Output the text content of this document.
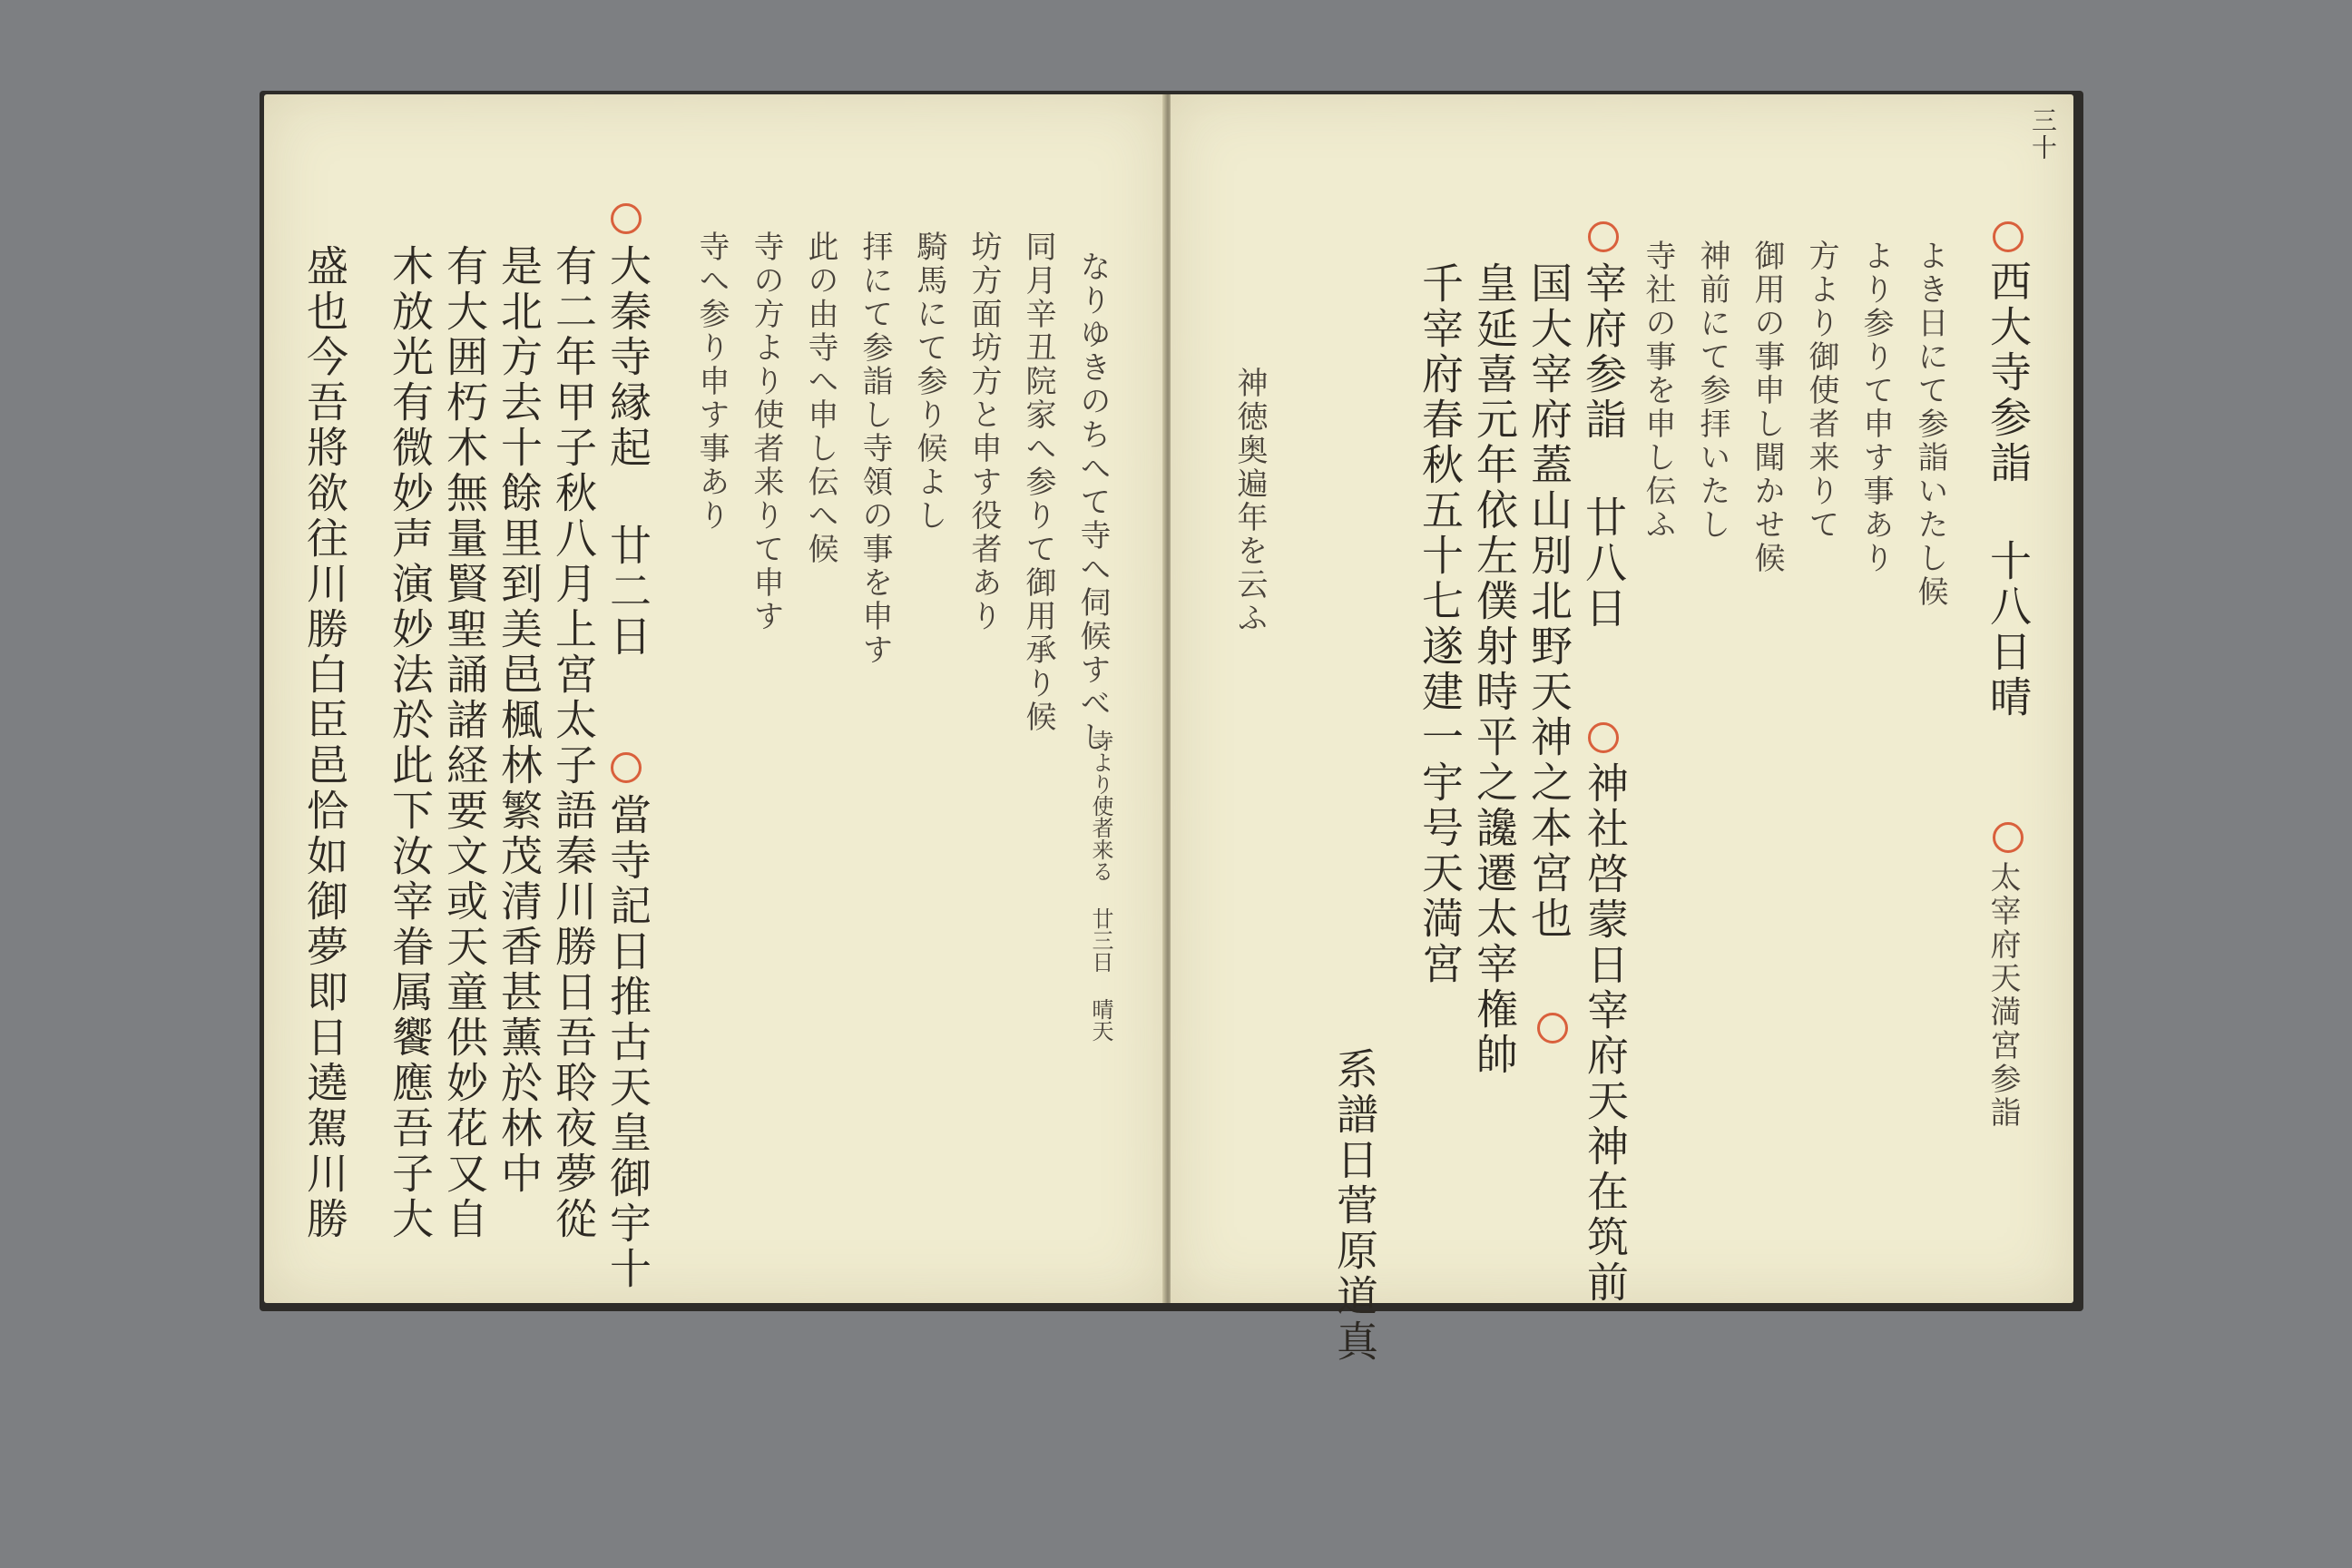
大秦寺縁起 廿二日
有二年甲子秋八月上宮太子語秦川勝日吾聆夜夢從
是北方去十餘里到美邑楓林繁茂清香甚薰於林中
有大囲朽木無量賢聖誦諸経要文或天童供妙花又自
木放光有微妙声演妙法於此下汝宰眷属饗應吾子大
盛也今吾將欲往川勝白臣邑恰如御夢即日遶駕川勝	當寺記日推古天皇御宇十
なりゆきのちへて寺へ伺候すべし
寺より使者来る 廿三日 晴天
同月辛丑院家へ参りて御用承り候
坊方面坊方と申す役者あり
騎馬にて参り候よし
拝にて参詣し寺領の事を申す
此の由寺へ申し伝へ候
寺の方より使者来りて申す
寺へ参り申す事あり
三十
西大寺参詣 十八日晴
よき日にて参詣いたし候
より参りて申す事あり
方より御使者来りて
御用の事申し聞かせ候
神前にて参拝いたし
寺社の事を申し伝ふ
太宰府天満宮参詣
宰府参詣 廿八日
国大宰府蓋山別北野天神之本宮也
皇延喜元年依左僕射時平之讒遷太宰権帥
千宰府春秋五十七遂建一宇号天満宮
神社啓蒙日宰府天神在筑前
系譜日菅原道真
神徳奥遍年を云ふ
